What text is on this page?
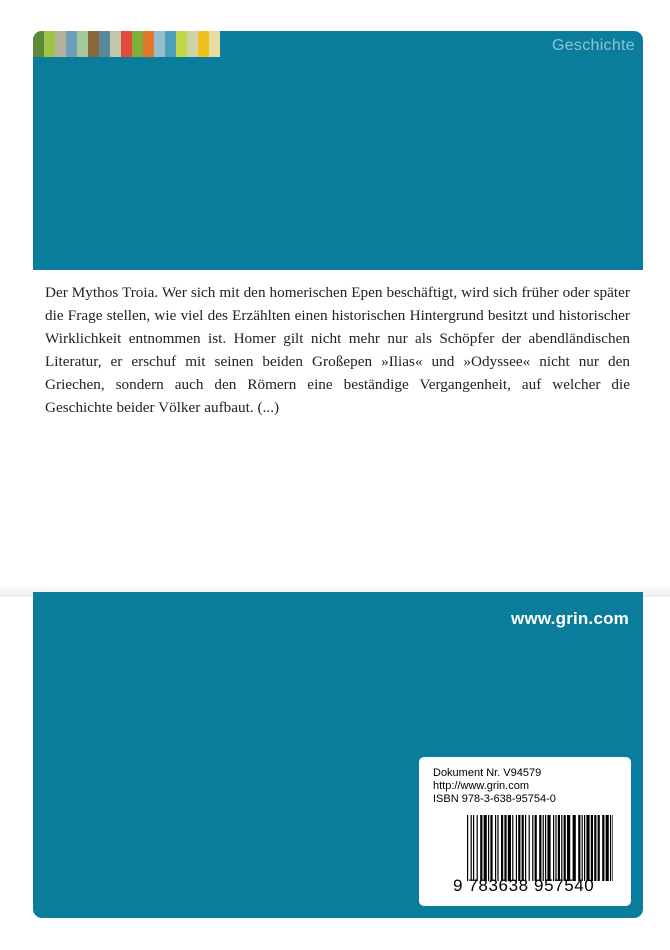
Geschichte

Der Mythos Troia. Wer sich mit den homerischen Epen beschäftigt, wird sich früher oder später die Frage stellen, wie viel des Erzählten einen historischen Hintergrund besitzt und historischer Wirklichkeit entnommen ist. Homer gilt nicht mehr nur als Schöpfer der abendländischen Literatur, er erschuf mit seinen beiden Großepen »Ilias« und »Odyssee« nicht nur den Griechen, sondern auch den Römern eine beständige Vergangenheit, auf welcher die Geschichte beider Völker aufbaut. (...)

www.grin.com
Dokument Nr. V94579
http://www.grin.com
ISBN 978-3-638-95754-0
9 783638 957540
